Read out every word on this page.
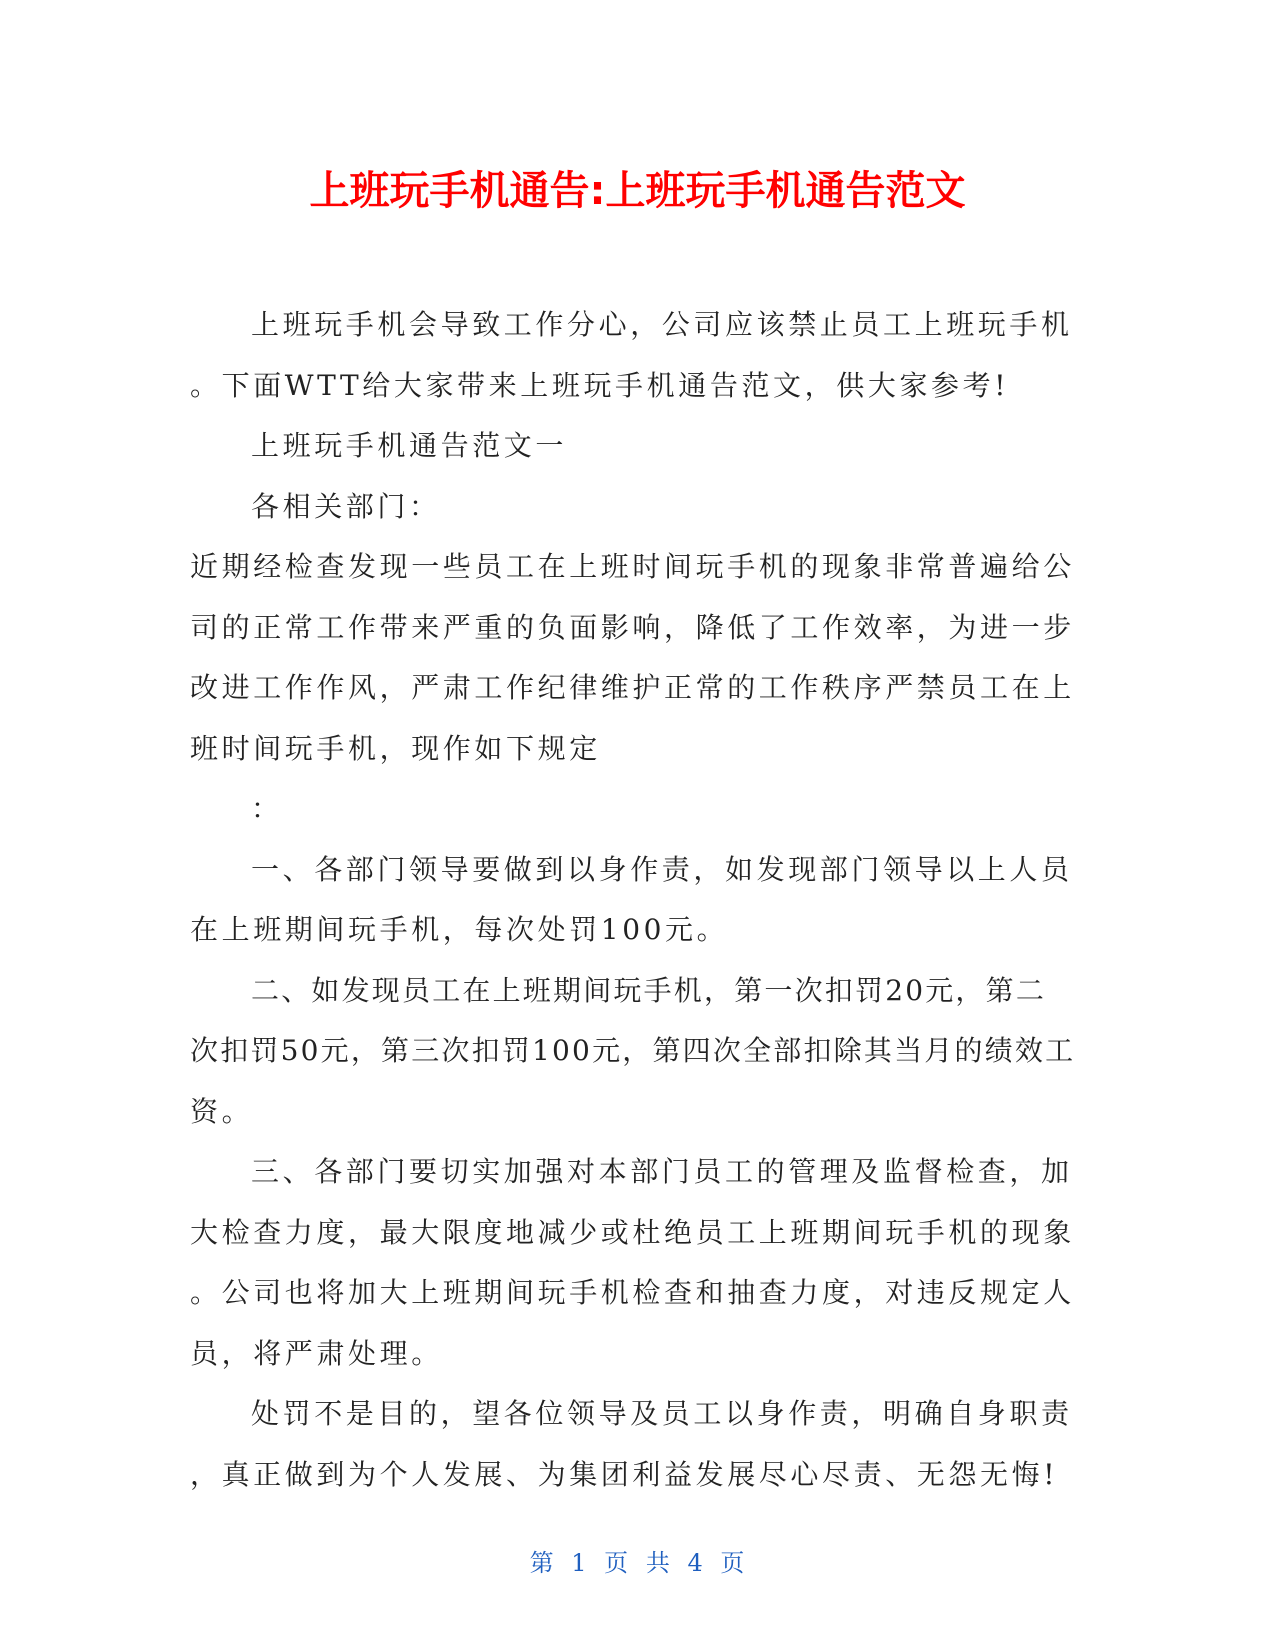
上班玩手机通告:上班玩手机通告范文
上班玩手机会导致工作分心，公司应该禁止员工上班玩手机
。下面WTT给大家带来上班玩手机通告范文，供大家参考!
上班玩手机通告范文一
各相关部门：
近期经检查发现一些员工在上班时间玩手机的现象非常普遍给公
司的正常工作带来严重的负面影响，降低了工作效率，为进一步
改进工作作风，严肃工作纪律维护正常的工作秩序严禁员工在上
班时间玩手机，现作如下规定
：
一、各部门领导要做到以身作责，如发现部门领导以上人员
在上班期间玩手机，每次处罚100元。
二、如发现员工在上班期间玩手机，第一次扣罚20元，第二
次扣罚50元，第三次扣罚100元，第四次全部扣除其当月的绩效工
资。
三、各部门要切实加强对本部门员工的管理及监督检查，加
大检查力度，最大限度地减少或杜绝员工上班期间玩手机的现象
。公司也将加大上班期间玩手机检查和抽查力度，对违反规定人
员，将严肃处理。
处罚不是目的，望各位领导及员工以身作责，明确自身职责
，真正做到为个人发展、为集团利益发展尽心尽责、无怨无悔!
第 1 页 共 4 页
